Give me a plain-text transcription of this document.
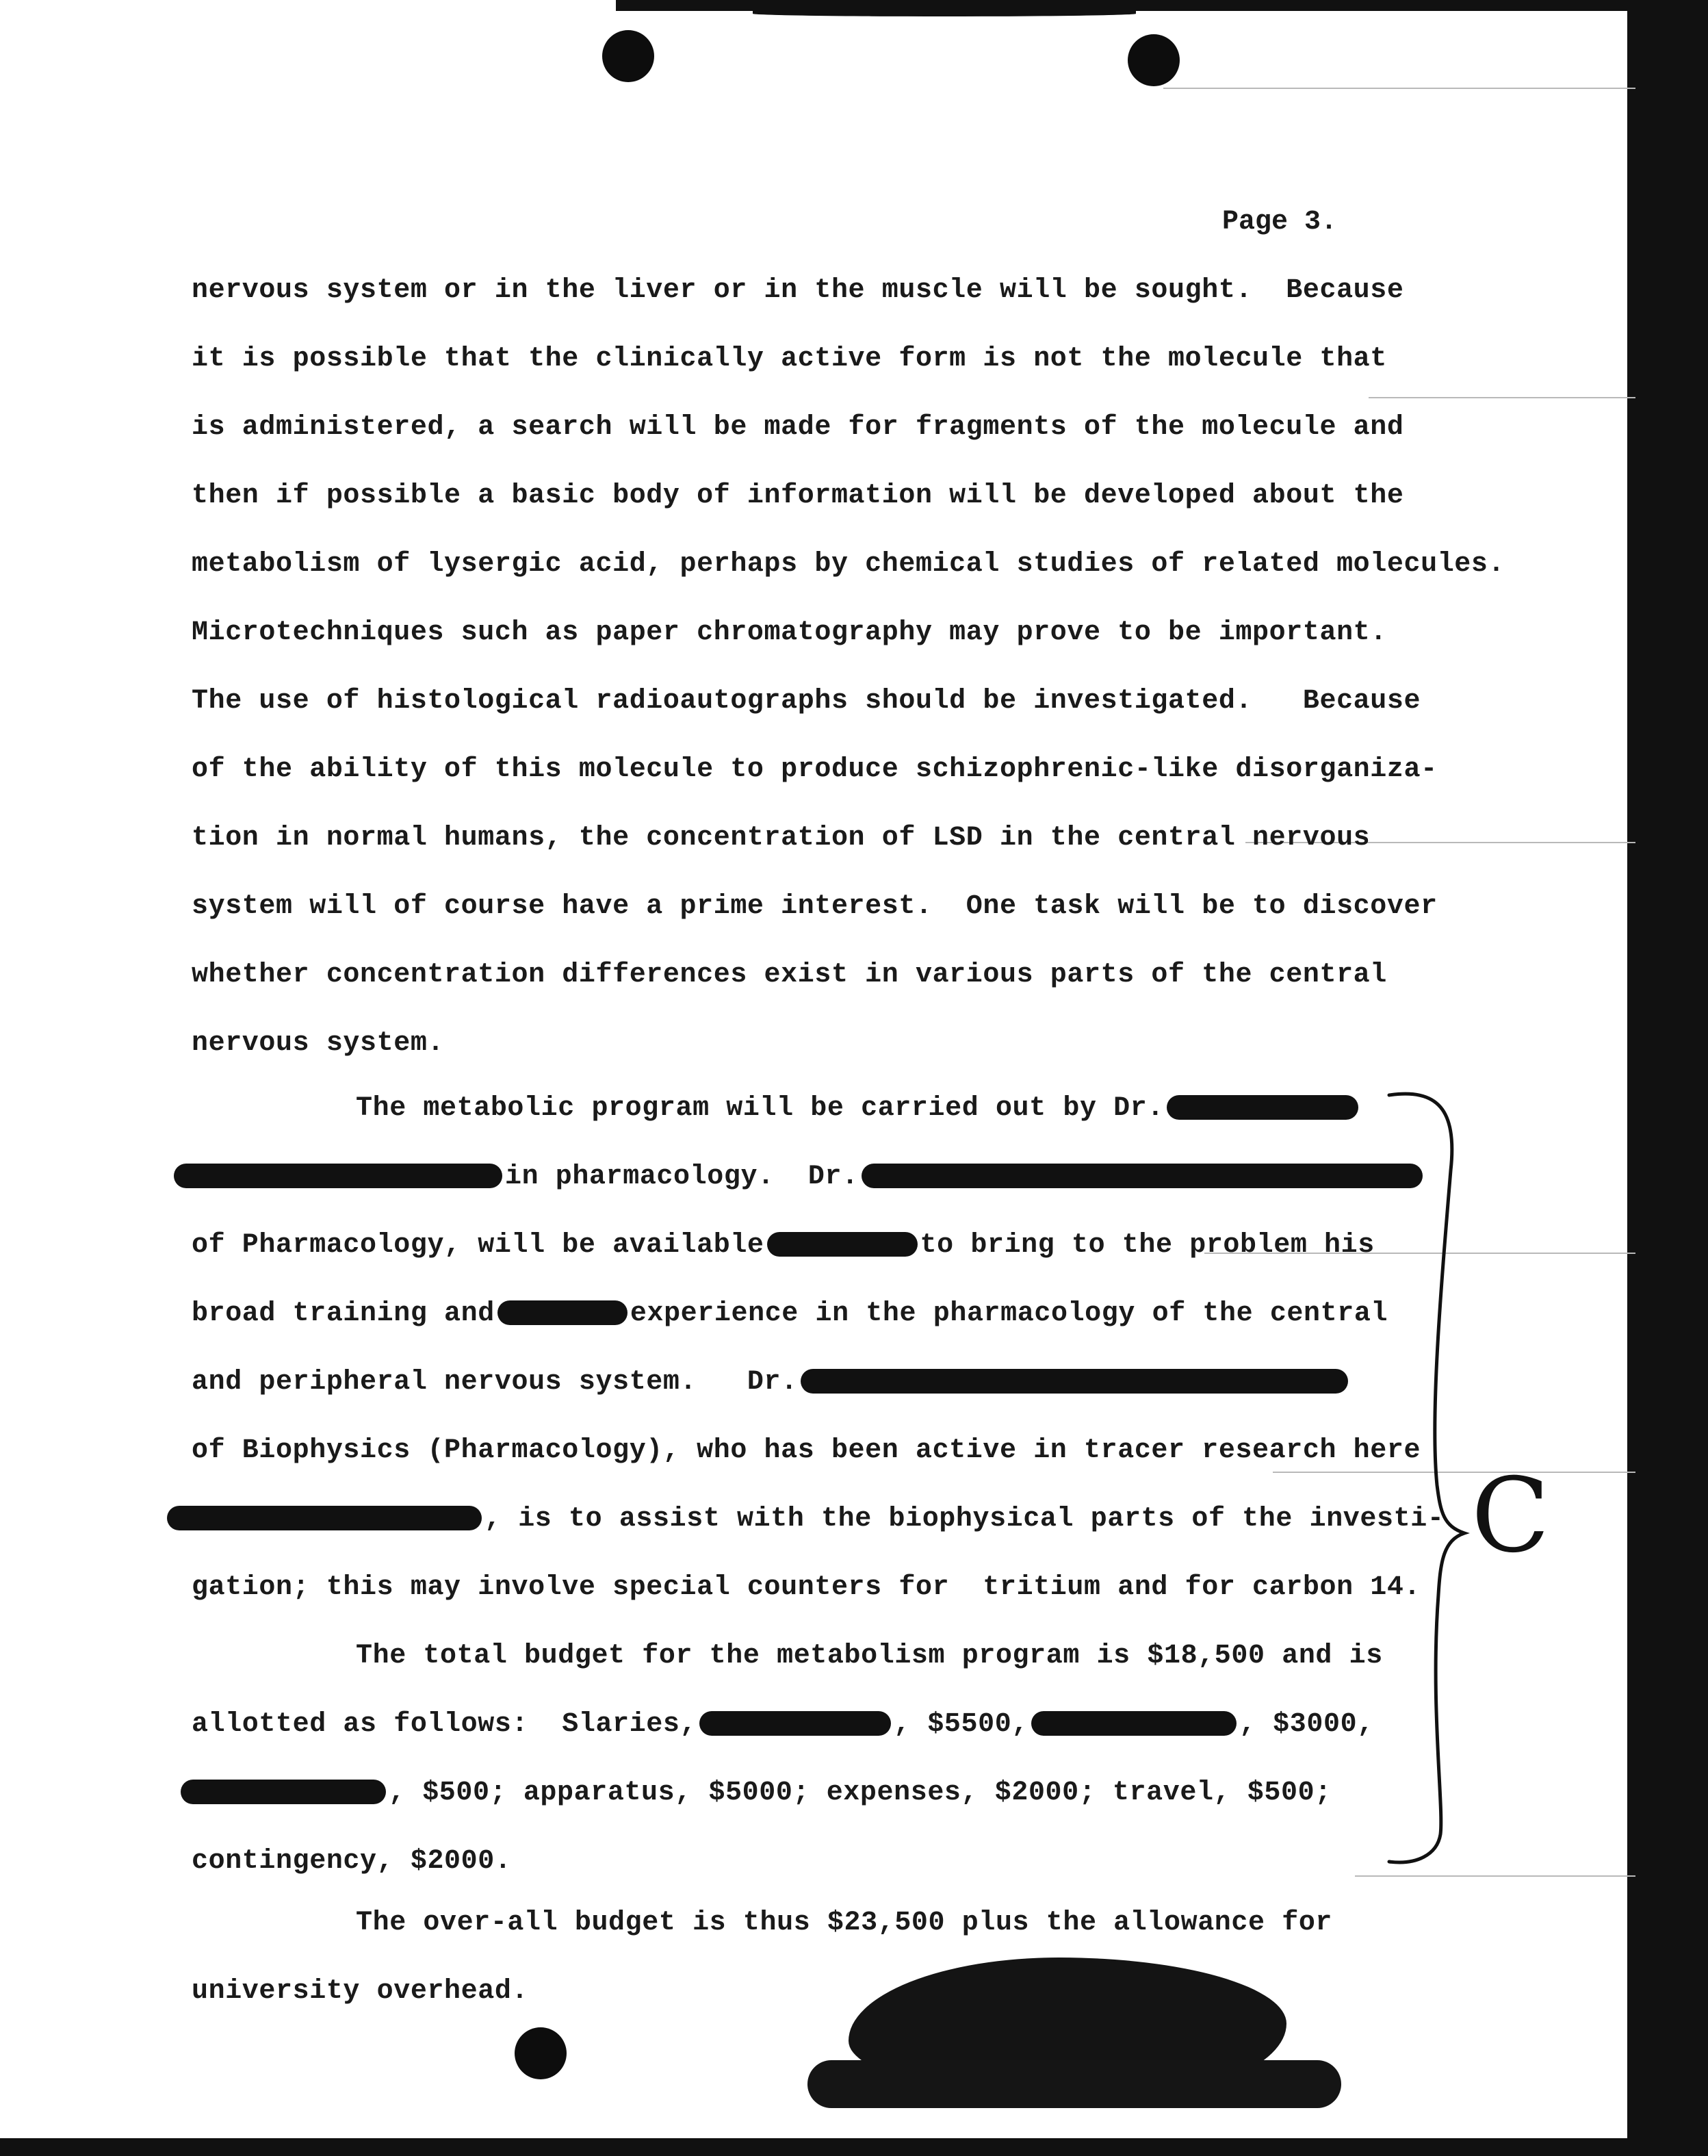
Page 3.

nervous system or in the liver or in the muscle will be sought.  Because

it is possible that the clinically active form is not the molecule that

is administered, a search will be made for fragments of the molecule and

then if possible a basic body of information will be developed about the

metabolism of lysergic acid, perhaps by chemical studies of related molecules.

Microtechniques such as paper chromatography may prove to be important.

The use of histological radioautographs should be investigated.   Because

of the ability of this molecule to produce schizophrenic-like disorganiza-

tion in normal humans, the concentration of LSD in the central nervous

system will of course have a prime interest.  One task will be to discover

whether concentration differences exist in various parts of the central

nervous system.

The metabolic program will be carried out by Dr.

in pharmacology.  Dr.

of Pharmacology, will be available	to bring to the problem his

broad training and	experience in the pharmacology of the central

and peripheral nervous system.   Dr.

of Biophysics (Pharmacology), who has been active in tracer research here

, is to assist with the biophysical parts of the investi-

gation; this may involve special counters for  tritium and for carbon 14.

The total budget for the metabolism program is $18,500 and is

allotted as follows:  Slaries,	, $5500,	, $3000,

, $500; apparatus, $5000; expenses, $2000; travel, $500;

contingency, $2000.

The over-all budget is thus $23,500 plus the allowance for

university overhead.

C
